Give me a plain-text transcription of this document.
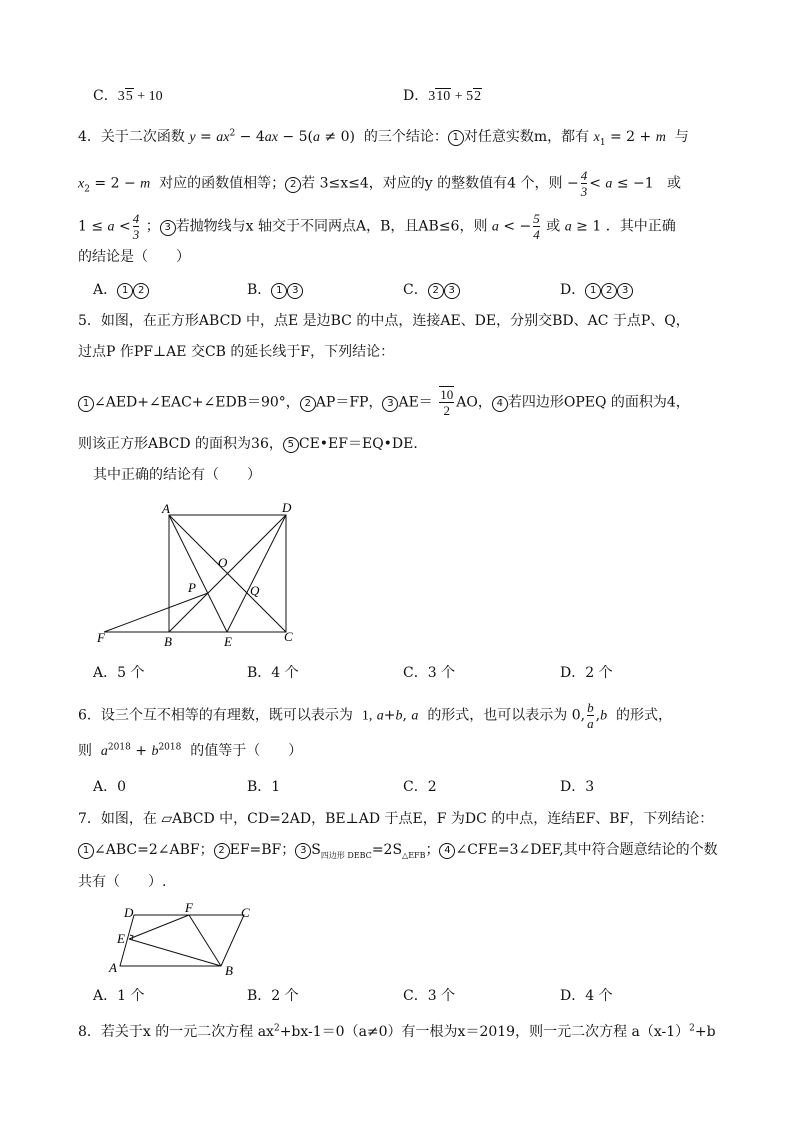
C．35 + 10	D．310 + 52
4．关于二次函数 $y = ax^2 - 4ax - 5(a \ne 0)$  的三个结论： 1 对任意实数m，都有 $x_1 = 2 + m$ 与
$x_2 = 2 - m$ 对应的函数值相等； 2 若 3≤x≤4，对应的y 的整数值有4 个，则 − $\frac{4}{3} < a \le -1$   或
$1 \le a < \frac{4}{3}$ ； 3 若抛物线与x 轴交于不同两点A，B，且AB≤6，则 a < − $\frac{5}{4}$ 或 a ≥ 1 ．其中正确
的结论是（　　）
A． 1 2	B． 1 3	C． 2 3	D． 1 2 3
5．如图，在正方形ABCD 中，点E 是边BC 的中点，连接AE、DE，分别交BD、AC 于点P、Q，
过点P 作PF⊥AE 交CB 的延长线于F，下列结论：
1 ∠AED+∠EAC+∠EDB＝90°， 2 AP＝FP， 3 $AE= \frac{10}{2}$ AO， 4 若四边形OPEQ 的面积为4，
则该正方形ABCD 的面积为36， 5 CE•EF＝EQ•DE．
其中正确的结论有（　　）
A	D
O
P	Q
F	B	E	C
A．5 个	B．4 个	C．3 个	D．2 个
6．设三个互不相等的有理数，既可以表示为 1, a+b, a 的形式，也可以表示为 0, $\frac{b}{a} ,b$ 的形式，
则 $a^{2018} + b^{2018}$ 的值等于（　　）
A．0	B．1	C．2	D．3
7．如图，在 ▱ABCD 中，CD=2AD，BE⊥AD 于点E，F 为DC 的中点，连结EF、BF，下列结论：
1 ∠ABC=2∠ABF； 2 EF=BF； 3 $S_{四边形 DEBC}=2S_{\triangle EFB}$； 4 ∠CFE=3∠DEF,其中符合题意结论的个数
共有（　　）.
D	F	C
E
A	B
A．1 个	B．2 个	C．3 个	D．4 个
8．若关于x 的一元二次方程 $ax^2+bx-1=0(a\ne 0)$有一根为x＝2019，则一元二次方程 $a(x-1)^2+b$
